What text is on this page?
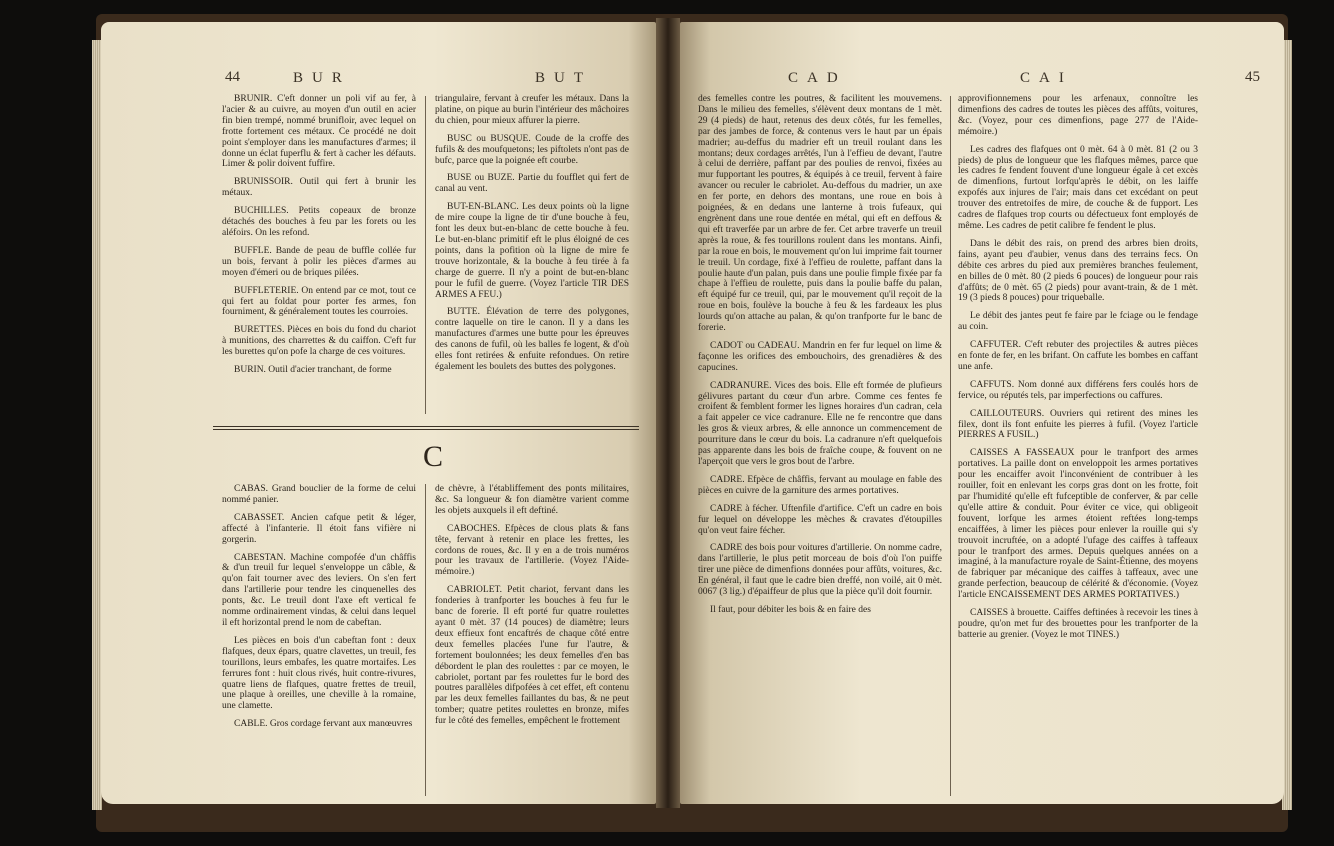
44	BUR	BUT

BRUNIR. C'eft donner un poli vif au fer, à l'acier & au cuivre, au moyen d'un outil en acier fin bien trempé, nommé brunifloir, avec lequel on frotte fortement ces métaux. Ce procédé ne doit point s'employer dans les manufactures d'armes; il donne un éclat fuperflu & fert à cacher les défauts. Limer & polir doivent fuffire.

BRUNISSOIR. Outil qui fert à brunir les métaux.

BUCHILLES. Petits copeaux de bronze détachés des bouches à feu par les forets ou les aléfoirs. On les refond.

BUFFLE. Bande de peau de buffle collée fur un bois, fervant à polir les pièces d'armes au moyen d'émeri ou de briques pilées.

BUFFLETERIE. On entend par ce mot, tout ce qui fert au foldat pour porter fes armes, fon fourniment, & généralement toutes les courroies.

BURETTES. Pièces en bois du fond du chariot à munitions, des charrettes & du caiffon. C'eft fur les burettes qu'on pofe la charge de ces voitures.

BURIN. Outil d'acier tranchant, de forme

triangulaire, fervant à creufer les métaux. Dans la platine, on pique au burin l'intérieur des mâchoires du chien, pour mieux affurer la pierre.

BUSC ou BUSQUE. Coude de la croffe des fufils & des moufquetons; les piftolets n'ont pas de bufc, parce que la poignée eft courbe.

BUSE ou BUZE. Partie du foufflet qui fert de canal au vent.

BUT-EN-BLANC. Les deux points où la ligne de mire coupe la ligne de tir d'une bouche à feu, font les deux but-en-blanc de cette bouche à feu. Le but-en-blanc primitif eft le plus éloigné de ces points, dans la pofition où la ligne de mire fe trouve horizontale, & la bouche à feu tirée à fa charge de guerre. Il n'y a point de but-en-blanc pour le fufil de guerre. (Voyez l'article TIR DES ARMES A FEU.)

BUTTE. Élévation de terre des polygones, contre laquelle on tire le canon. Il y a dans les manufactures d'armes une butte pour les épreuves des canons de fufil, où les balles fe logent, & d'où elles font retirées & enfuite refondues. On retire également les boulets des buttes des polygones.

C

CABAS. Grand bouclier de la forme de celui nommé panier.

CABASSET. Ancien cafque petit & léger, affecté à l'infanterie. Il étoit fans vifière ni gorgerin.

CABESTAN. Machine compofée d'un châffis & d'un treuil fur lequel s'enveloppe un câble, & qu'on fait tourner avec des leviers. On s'en fert dans l'artillerie pour tendre les cinquenelles des ponts, &c. Le treuil dont l'axe eft vertical fe nomme ordinairement vindas, & celui dans lequel il eft horizontal prend le nom de cabeftan.

Les pièces en bois d'un cabeftan font : deux flafques, deux épars, quatre clavettes, un treuil, fes tourillons, leurs embafes, les quatre mortaifes. Les ferrures font : huit clous rivés, huit contre-rivures, quatre liens de flafques, quatre frettes de treuil, une plaque à oreilles, une cheville à la romaine, une clamette.

CABLE. Gros cordage fervant aux manœuvres

de chèvre, à l'établiffement des ponts militaires, &c. Sa longueur & fon diamètre varient comme les objets auxquels il eft deftiné.

CABOCHES. Efpèces de clous plats & fans tête, fervant à retenir en place les frettes, les cordons de roues, &c. Il y en a de trois numéros pour les travaux de l'artillerie. (Voyez l'Aide-mémoire.)

CABRIOLET. Petit chariot, fervant dans les fonderies à tranfporter les bouches à feu fur le banc de forerie. Il eft porté fur quatre roulettes ayant 0 mèt. 37 (14 pouces) de diamètre; leurs deux effieux font encaftrés de chaque côté entre deux femelles placées l'une fur l'autre, & fortement boulonnées; les deux femelles d'en bas débordent le plan des roulettes : par ce moyen, le cabriolet, portant par fes roulettes fur le bord des poutres parallèles difpofées à cet effet, eft contenu par les deux femelles faillantes du bas, & ne peut tomber; quatre petites roulettes en bronze, mifes fur le côté des femelles, empêchent le frottement

CAD	CAI	45

des femelles contre les poutres, & facilitent les mouvemens. Dans le milieu des femelles, s'élèvent deux montans de 1 mèt. 29 (4 pieds) de haut, retenus des deux côtés, fur les femelles, par des jambes de force, & contenus vers le haut par un épais madrier; au-deffus du madrier eft un treuil roulant dans les montans; deux cordages arrêtés, l'un à l'effieu de devant, l'autre à celui de derrière, paffant par des poulies de renvoi, fixées au mur fupportant les poutres, & équipés à ce treuil, fervent à faire avancer ou reculer le cabriolet. Au-deffous du madrier, un axe en fer porte, en dehors des montans, une roue en bois à poignées, & en dedans une lanterne à trois fufeaux, qui engrènent dans une roue dentée en métal, qui eft en deffous & qui eft traverfée par un arbre de fer. Cet arbre traverfe un treuil après la roue, & fes tourillons roulent dans les montans. Ainfi, par la roue en bois, le mouvement qu'on lui imprime fait tourner le treuil. Un cordage, fixé à l'effieu de roulette, paffant dans la poulie haute d'un palan, puis dans une poulie fimple fixée par fa chape à l'effieu de roulette, puis dans la poulie baffe du palan, eft équipé fur ce treuil, qui, par le mouvement qu'il reçoit de la roue en bois, foulève la bouche à feu & les fardeaux les plus lourds qu'on attache au palan, & qu'on tranfporte fur le banc de forerie.

CADOT ou CADEAU. Mandrin en fer fur lequel on lime & façonne les orifices des embouchoirs, des grenadières & des capucines.

CADRANURE. Vices des bois. Elle eft formée de plufieurs gélivures partant du cœur d'un arbre. Comme ces fentes fe croifent & femblent former les lignes horaires d'un cadran, cela a fait appeler ce vice cadranure. Elle ne fe rencontre que dans les gros & vieux arbres, & elle annonce un commencement de pourriture dans le cœur du bois. La cadranure n'eft quelquefois pas apparente dans les bois de fraîche coupe, & fouvent on ne l'aperçoit que vers le gros bout de l'arbre.

CADRE. Efpèce de châffis, fervant au moulage en fable des pièces en cuivre de la garniture des armes portatives.

CADRE à fécher. Uftenfile d'artifice. C'eft un cadre en bois fur lequel on développe les mèches & cravates d'étoupilles qu'on veut faire fécher.

CADRE des bois pour voitures d'artillerie. On nomme cadre, dans l'artillerie, le plus petit morceau de bois d'où l'on puiffe tirer une pièce de dimenfions données pour affûts, voitures, &c. En général, il faut que le cadre bien dreffé, non voilé, ait 0 mèt. 0067 (3 lig.) d'épaiffeur de plus que la pièce qu'il doit fournir.

Il faut, pour débiter les bois & en faire des

approvifionnemens pour les arfenaux, connoître les dimenfions des cadres de toutes les pièces des affûts, voitures, &c. (Voyez, pour ces dimenfions, page 277 de l'Aide-mémoire.)

Les cadres des flafques ont 0 mèt. 64 à 0 mèt. 81 (2 ou 3 pieds) de plus de longueur que les flafques mêmes, parce que les cadres fe fendent fouvent d'une longueur égale à cet excès de dimenfions, furtout lorfqu'après le débit, on les laiffe expofés aux injures de l'air; mais dans cet excédant on peut trouver des entretoifes de mire, de couche & de fupport. Les cadres de flafques trop courts ou défectueux font employés de même. Les cadres de petit calibre fe fendent le plus.

Dans le débit des rais, on prend des arbres bien droits, fains, ayant peu d'aubier, venus dans des terrains fecs. On débite ces arbres du pied aux premières branches feulement, en billes de 0 mèt. 80 (2 pieds 6 pouces) de longueur pour rais d'affûts; de 0 mèt. 65 (2 pieds) pour avant-train, & de 1 mèt. 19 (3 pieds 8 pouces) pour triqueballe.

Le débit des jantes peut fe faire par le fciage ou le fendage au coin.

CAFFUTER. C'eft rebuter des projectiles & autres pièces en fonte de fer, en les brifant. On caffute les bombes en caffant une anfe.

CAFFUTS. Nom donné aux différens fers coulés hors de fervice, ou réputés tels, par imperfections ou caffures.

CAILLOUTEURS. Ouvriers qui retirent des mines les filex, dont ils font enfuite les pierres à fufil. (Voyez l'article PIERRES A FUSIL.)

CAISSES A FASSEAUX pour le tranfport des armes portatives. La paille dont on enveloppoit les armes portatives pour les encaiffer avoit l'inconvénient de contribuer à les rouiller, foit en enlevant les corps gras dont on les frotte, foit par l'humidité qu'elle eft fufceptible de conferver, & par celle qu'elle attire & conduit. Pour éviter ce vice, qui obligeoit fouvent, lorfque les armes étoient reftées long-temps encaiffées, à limer les pièces pour enlever la rouille qui s'y trouvoit incruftée, on a adopté l'ufage des caiffes à taffeaux pour le tranfport des armes. Depuis quelques années on a imaginé, à la manufacture royale de Saint-Étienne, des moyens de fabriquer par mécanique des caiffes à taffeaux, avec une grande perfection, beaucoup de célérité & d'économie. (Voyez l'article ENCAISSEMENT DES ARMES PORTATIVES.)

CAISSES à brouette. Caiffes deftinées à recevoir les tines à poudre, qu'on met fur des brouettes pour les tranfporter de la batterie au grenier. (Voyez le mot TINES.)
